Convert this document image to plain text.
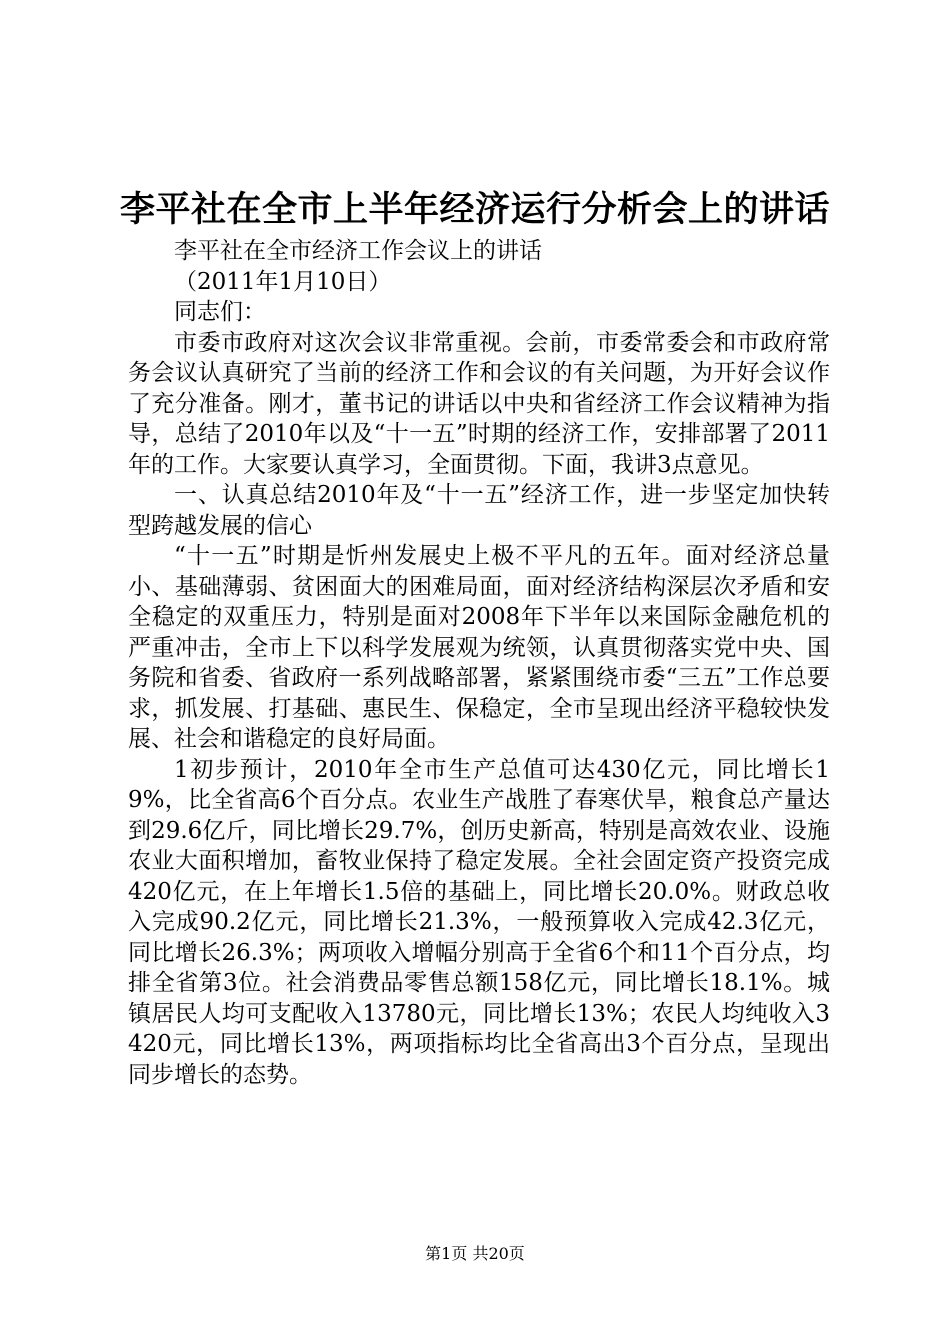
李平社在全市上半年经济运行分析会上的讲话

李平社在全市经济工作会议上的讲话

（2011年1月10日）

同志们：

市委市政府对这次会议非常重视。会前，市委常委会和市政府常务会议认真研究了当前的经济工作和会议的有关问题，为开好会议作了充分准备。刚才，董书记的讲话以中央和省经济工作会议精神为指导，总结了2010年以及“十一五”时期的经济工作，安排部署了2011年的工作。大家要认真学习，全面贯彻。下面，我讲3点意见。

一、认真总结2010年及“十一五”经济工作，进一步坚定加快转型跨越发展的信心

“十一五”时期是忻州发展史上极不平凡的五年。面对经济总量小、基础薄弱、贫困面大的困难局面，面对经济结构深层次矛盾和安全稳定的双重压力，特别是面对2008年下半年以来国际金融危机的严重冲击，全市上下以科学发展观为统领，认真贯彻落实党中央、国务院和省委、省政府一系列战略部署，紧紧围绕市委“三五”工作总要求，抓发展、打基础、惠民生、保稳定，全市呈现出经济平稳较快发展、社会和谐稳定的良好局面。

1初步预计，2010年全市生产总值可达430亿元，同比增长19%，比全省高6个百分点。农业生产战胜了春寒伏旱，粮食总产量达到29.6亿斤，同比增长29.7%，创历史新高，特别是高效农业、设施农业大面积增加，畜牧业保持了稳定发展。全社会固定资产投资完成420亿元，在上年增长1.5倍的基础上，同比增长20.0%。财政总收入完成90.2亿元，同比增长21.3%，一般预算收入完成42.3亿元，同比增长26.3%；两项收入增幅分别高于全省6个和11个百分点，均排全省第3位。社会消费品零售总额158亿元，同比增长18.1%。城镇居民人均可支配收入13780元，同比增长13%；农民人均纯收入3420元，同比增长13%，两项指标均比全省高出3个百分点，呈现出同步增长的态势。

第1页 共20页
